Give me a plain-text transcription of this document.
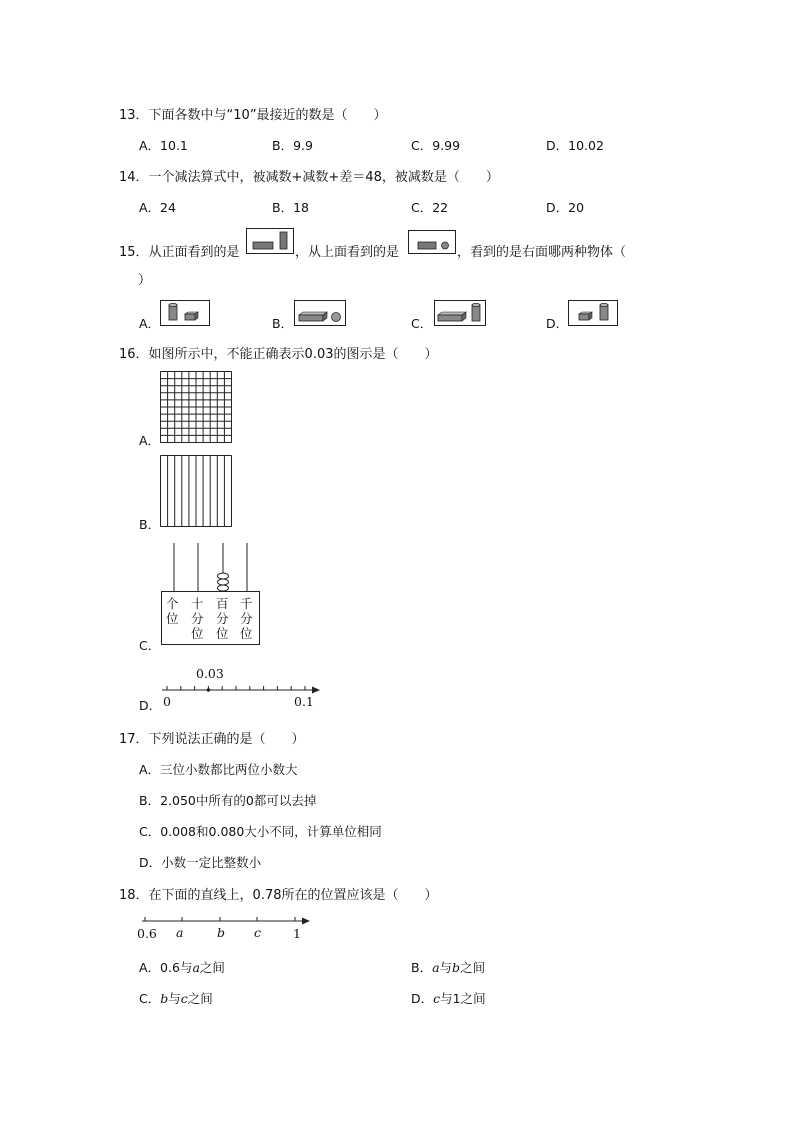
13．下面各数中与“10”最接近的数是（　　）
A．10.1	B．9.9	C．9.99	D．10.02
14．一个减法算式中，被减数+减数+差＝48，被减数是（　　）
A．24	B．18	C．22	D．20
15．从正面看到的是	，从上面看到的是	，看到的是右面哪两种物体（
）
A．	B．	C．	D．
16．如图所示中，不能正确表示0.03的图示是（　　）
A．
B．
C．
个位
十分位
百分位
千分位
D．
0.03
0	0.1
17．下列说法正确的是（　　）
A．三位小数都比两位小数大
B．2.050中所有的0都可以去掉
C．0.008和0.080大小不同，计算单位相同
D．小数一定比整数小
18．在下面的直线上，0.78所在的位置应该是（　　）
0.6 a	b c	1
A．0.6与a之间	B．a与b之间
C．b与c之间	D．c与1之间
